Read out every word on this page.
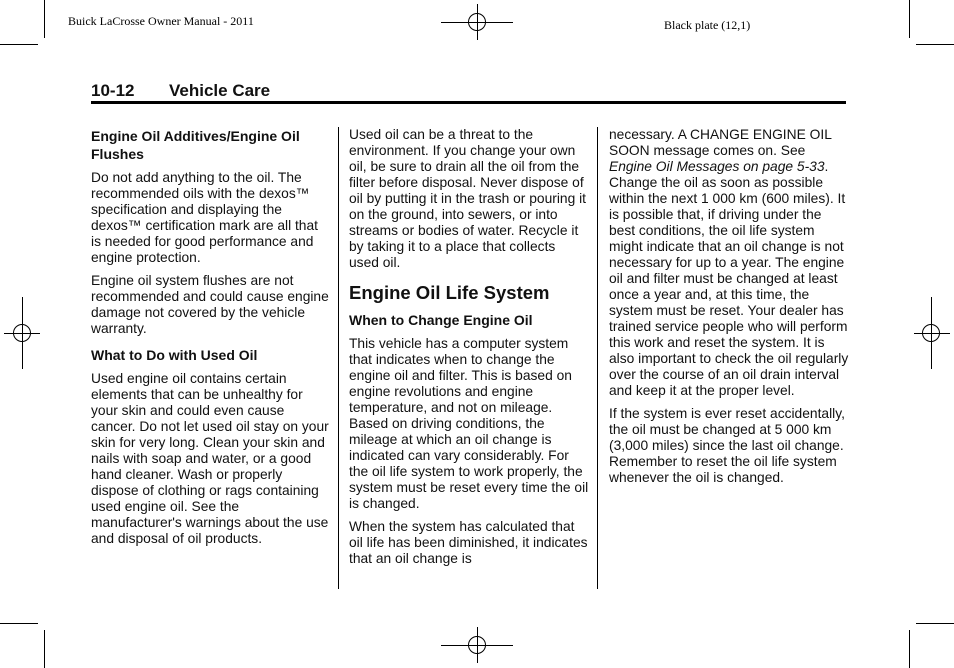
Buick LaCrosse Owner Manual - 2011	Black plate (12,1)
10-12 Vehicle Care
Engine Oil Additives/Engine Oil Flushes

Do not add anything to the oil. The recommended oils with the dexos™ specification and displaying the dexos™ certification mark are all that is needed for good performance and engine protection.

Engine oil system flushes are not recommended and could cause engine damage not covered by the vehicle warranty.

What to Do with Used Oil

Used engine oil contains certain elements that can be unhealthy for your skin and could even cause cancer. Do not let used oil stay on your skin for very long. Clean your skin and nails with soap and water, or a good hand cleaner. Wash or properly dispose of clothing or rags containing used engine oil. See the manufacturer's warnings about the use and disposal of oil products.

Used oil can be a threat to the environment. If you change your own oil, be sure to drain all the oil from the filter before disposal. Never dispose of oil by putting it in the trash or pouring it on the ground, into sewers, or into streams or bodies of water. Recycle it by taking it to a place that collects used oil.

Engine Oil Life System
When to Change Engine Oil

This vehicle has a computer system that indicates when to change the engine oil and filter. This is based on engine revolutions and engine temperature, and not on mileage. Based on driving conditions, the mileage at which an oil change is indicated can vary considerably. For the oil life system to work properly, the system must be reset every time the oil is changed.

When the system has calculated that oil life has been diminished, it indicates that an oil change is

necessary. A CHANGE ENGINE OIL SOON message comes on. See Engine Oil Messages on page 5-33. Change the oil as soon as possible within the next 1 000 km (600 miles). It is possible that, if driving under the best conditions, the oil life system might indicate that an oil change is not necessary for up to a year. The engine oil and filter must be changed at least once a year and, at this time, the system must be reset. Your dealer has trained service people who will perform this work and reset the system. It is also important to check the oil regularly over the course of an oil drain interval and keep it at the proper level.

If the system is ever reset accidentally, the oil must be changed at 5 000 km (3,000 miles) since the last oil change. Remember to reset the oil life system whenever the oil is changed.
